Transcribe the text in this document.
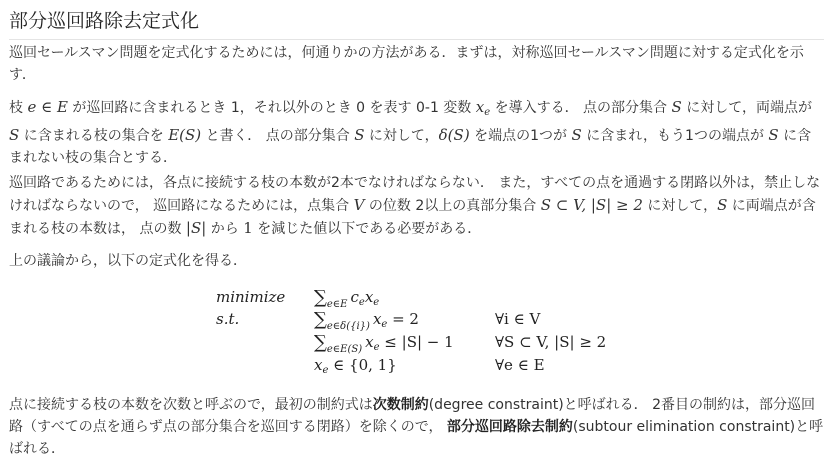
部分巡回路除去定式化

巡回セールスマン問題を定式化するためには，何通りかの方法がある．まずは，対称巡回セールスマン問題に対する定式化を示す．

枝 e ∈ E が巡回路に含まれるとき 1，それ以外のとき 0 を表す 0-1 変数 $x_e$ を導入する． 点の部分集合 S に対して，両端点が S に含まれる枝の集合を E(S) と書く． 点の部分集合 S に対して，δ(S) を端点の1つが S に含まれ，もう1つの端点が S に含まれない枝の集合とする．

巡回路であるためには，各点に接続する枝の本数が2本でなければならない． また，すべての点を通過する閉路以外は，禁止しなければならないので， 巡回路になるためには，点集合 V の位数 2以上の真部分集合 S ⊂ V, |S| ≥ 2 に対して，S に両端点が含まれる枝の本数は， 点の数 |S| から 1 を減じた値以下である必要がある．

上の議論から，以下の定式化を得る．

minimize $\sum_{e\in E}$ $c_ex_e$
s.t.	$\sum_{e\in\delta(\{i\})}$ $x_e = 2$	∀i ∈ V
$\sum_{e\in E(S)}$ $x_e \le |S| - 1$	∀S ⊂ V, |S| ≥ 2
$x_e$ ∈ {0, 1}	∀e ∈ E

点に接続する枝の本数を次数と呼ぶので，最初の制約式は次数制約(degree constraint)と呼ばれる． 2番目の制約は，部分巡回路（すべての点を通らず点の部分集合を巡回する閉路）を除くので， 部分巡回路除去制約(subtour elimination constraint)と呼ばれる．
